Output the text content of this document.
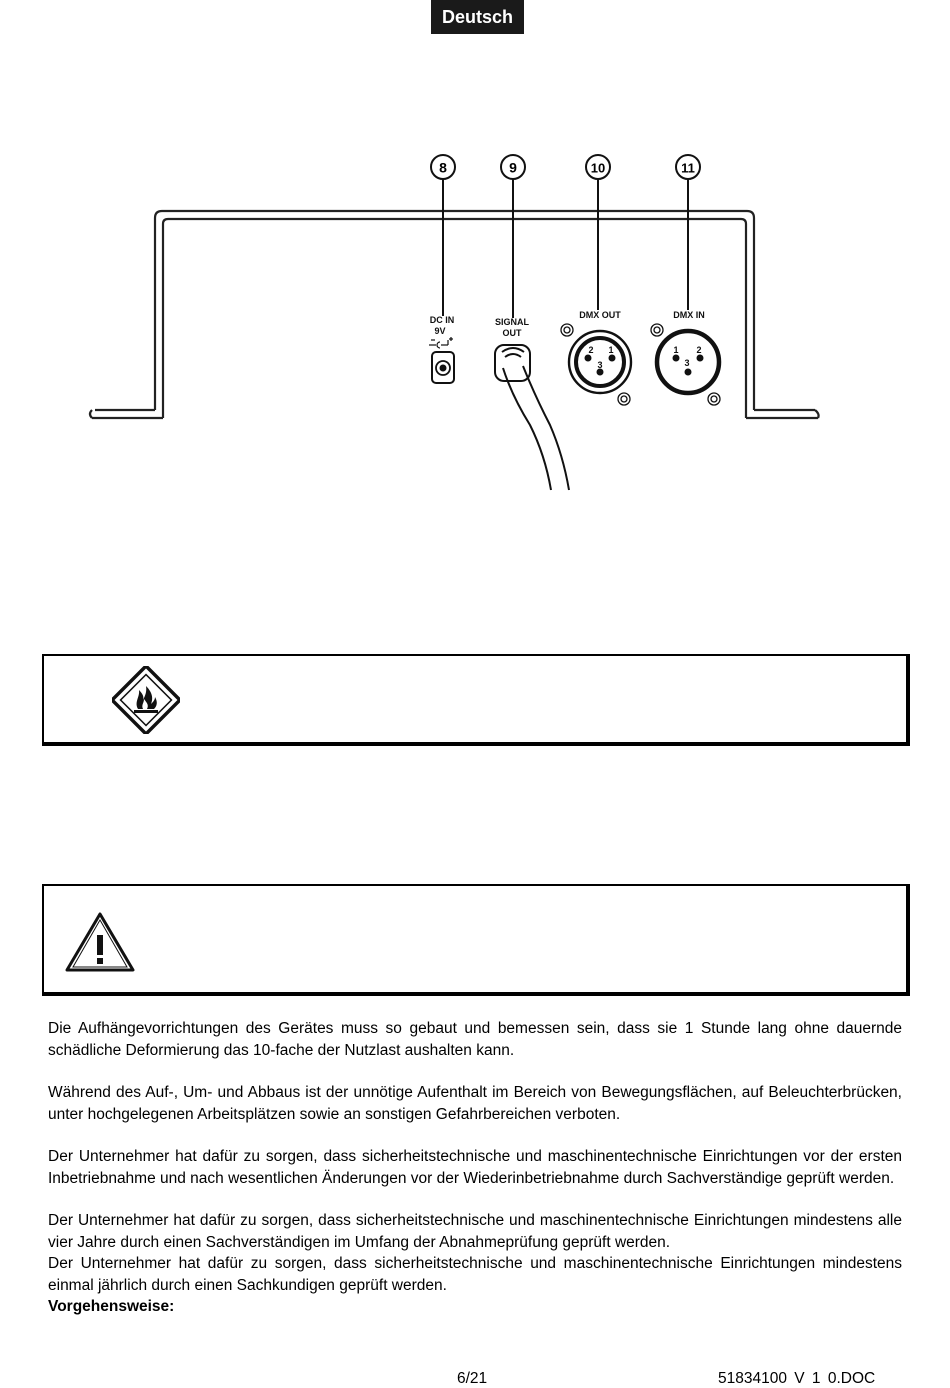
Deutsch
8	9	10	11
DC IN
9V
SIGNAL
OUT
DMX OUT	DMX IN
2 1
3
1 2
3

Die Aufhängevorrichtungen des Gerätes muss so gebaut und bemessen sein, dass sie 1 Stunde lang ohne dauernde schädliche Deformierung das 10-fache der Nutzlast aushalten kann.

Während des Auf-, Um- und Abbaus ist der unnötige Aufenthalt im Bereich von Bewegungsflächen, auf Beleuchterbrücken, unter hochgelegenen Arbeitsplätzen sowie an sonstigen Gefahrbereichen verboten.

Der Unternehmer hat dafür zu sorgen, dass sicherheitstechnische und maschinentechnische Einrichtungen vor der ersten Inbetriebnahme und nach wesentlichen Änderungen vor der Wiederinbetriebnahme durch Sachverständige geprüft werden.

Der Unternehmer hat dafür zu sorgen, dass sicherheitstechnische und maschinentechnische Einrichtungen mindestens alle vier Jahre durch einen Sachverständigen im Umfang der Abnahmeprüfung geprüft werden.

Der Unternehmer hat dafür zu sorgen, dass sicherheitstechnische und maschinentechnische Einrichtungen mindestens einmal jährlich durch einen Sachkundigen geprüft werden.

Vorgehensweise:

6/21	51834100 V 1 0.DOC
